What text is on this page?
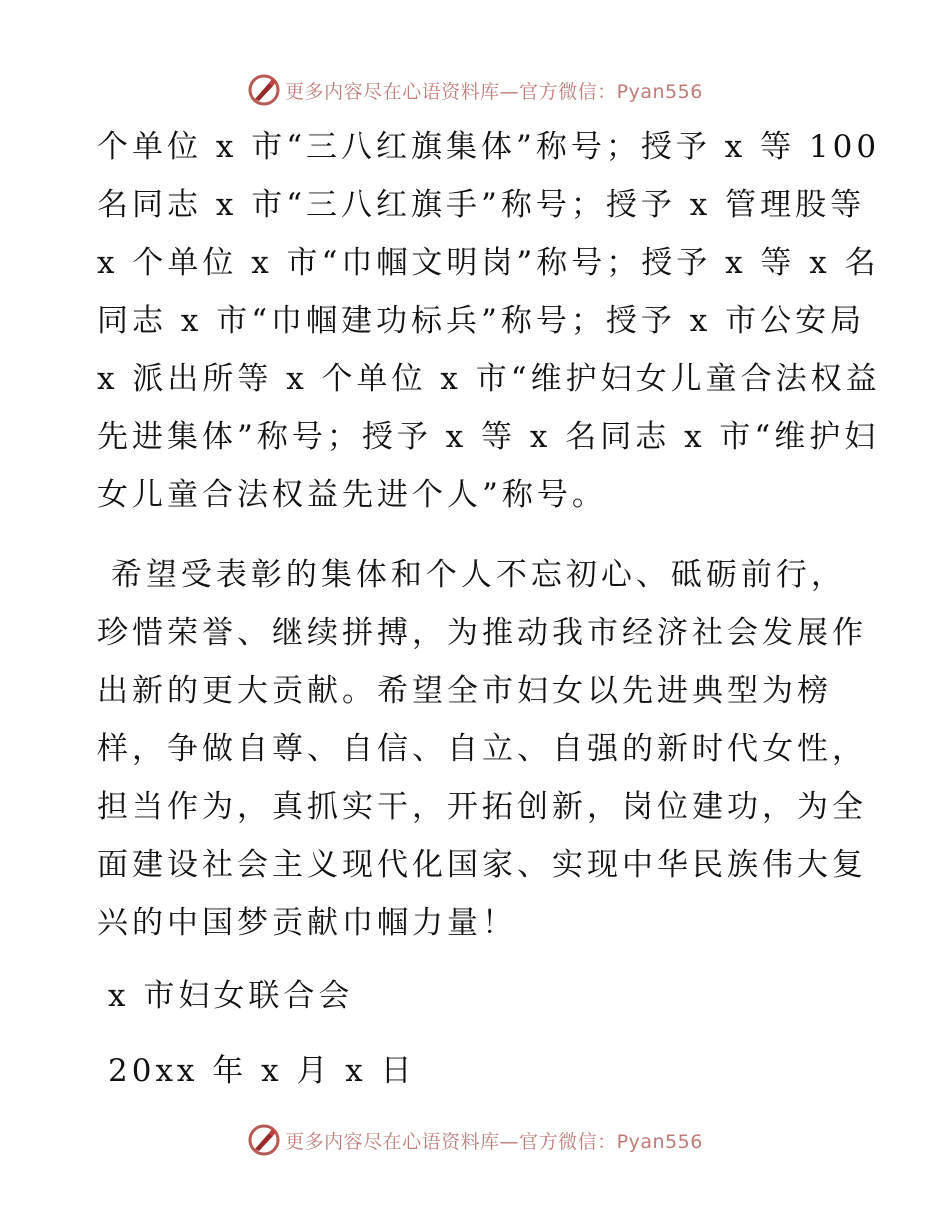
更多内容尽在心语资料库—官方微信：Pyan556
个单位 x 市“三八红旗集体”称号；授予 x 等 100
名同志 x 市“三八红旗手”称号；授予 x 管理股等
x 个单位 x 市“巾帼文明岗”称号；授予 x 等 x 名
同志 x 市“巾帼建功标兵”称号；授予 x 市公安局
x 派出所等 x 个单位 x 市“维护妇女儿童合法权益
先进集体”称号；授予 x 等 x 名同志 x 市“维护妇
女儿童合法权益先进个人”称号。
希望受表彰的集体和个人不忘初心、砥砺前行，
珍惜荣誉、继续拼搏，为推动我市经济社会发展作
出新的更大贡献。希望全市妇女以先进典型为榜
样，争做自尊、自信、自立、自强的新时代女性，
担当作为，真抓实干，开拓创新，岗位建功，为全
面建设社会主义现代化国家、实现中华民族伟大复
兴的中国梦贡献巾帼力量！
x 市妇女联合会
20xx 年 x 月 x 日
更多内容尽在心语资料库—官方微信：Pyan556
